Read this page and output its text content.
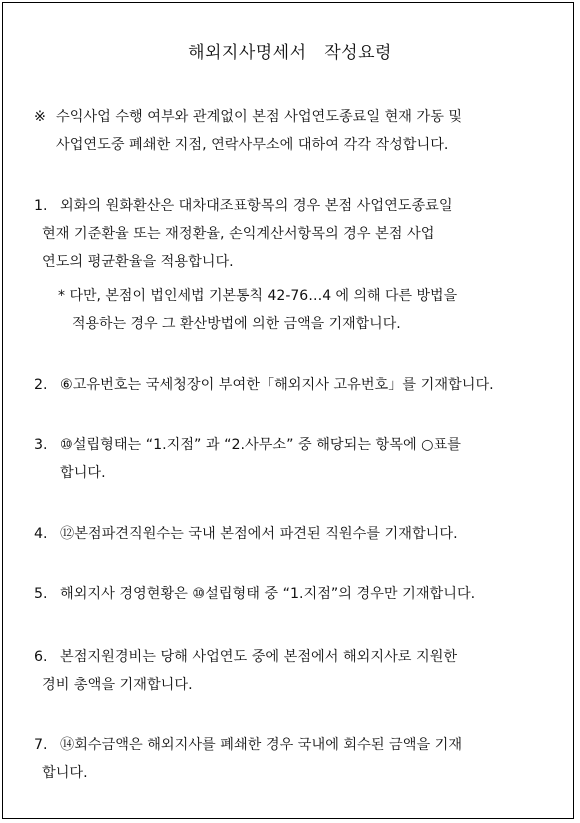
해외지사명세서   작성요령
※ 수익사업 수행 여부와 관계없이 본점 사업연도종료일 현재 가동 및
사업연도중 폐쇄한 지점, 연락사무소에 대하여 각각 작성합니다.
1. 외화의 원화환산은 대차대조표항목의 경우 본점 사업연도종료일
현재 기준환율 또는 재정환율, 손익계산서항목의 경우 본점 사업
연도의 평균환율을 적용합니다.
* 다만, 본점이 법인세법 기본통칙 42-76…4 에 의해 다른 방법을
적용하는 경우 그 환산방법에 의한 금액을 기재합니다.
2. ⑥고유번호는 국세청장이 부여한「해외지사 고유번호」를 기재합니다.
3. ⑩설립형태는 “1.지점” 과 “2.사무소” 중 해당되는 항목에 ○표를
합니다.
4. ⑫본점파견직원수는 국내 본점에서 파견된 직원수를 기재합니다.
5. 해외지사 경영현황은 ⑩설립형태 중 “1.지점”의 경우만 기재합니다.
6. 본점지원경비는 당해 사업연도 중에 본점에서 해외지사로 지원한
경비 총액을 기재합니다.
7. ⑭회수금액은 해외지사를 폐쇄한 경우 국내에 회수된 금액을 기재
합니다.
